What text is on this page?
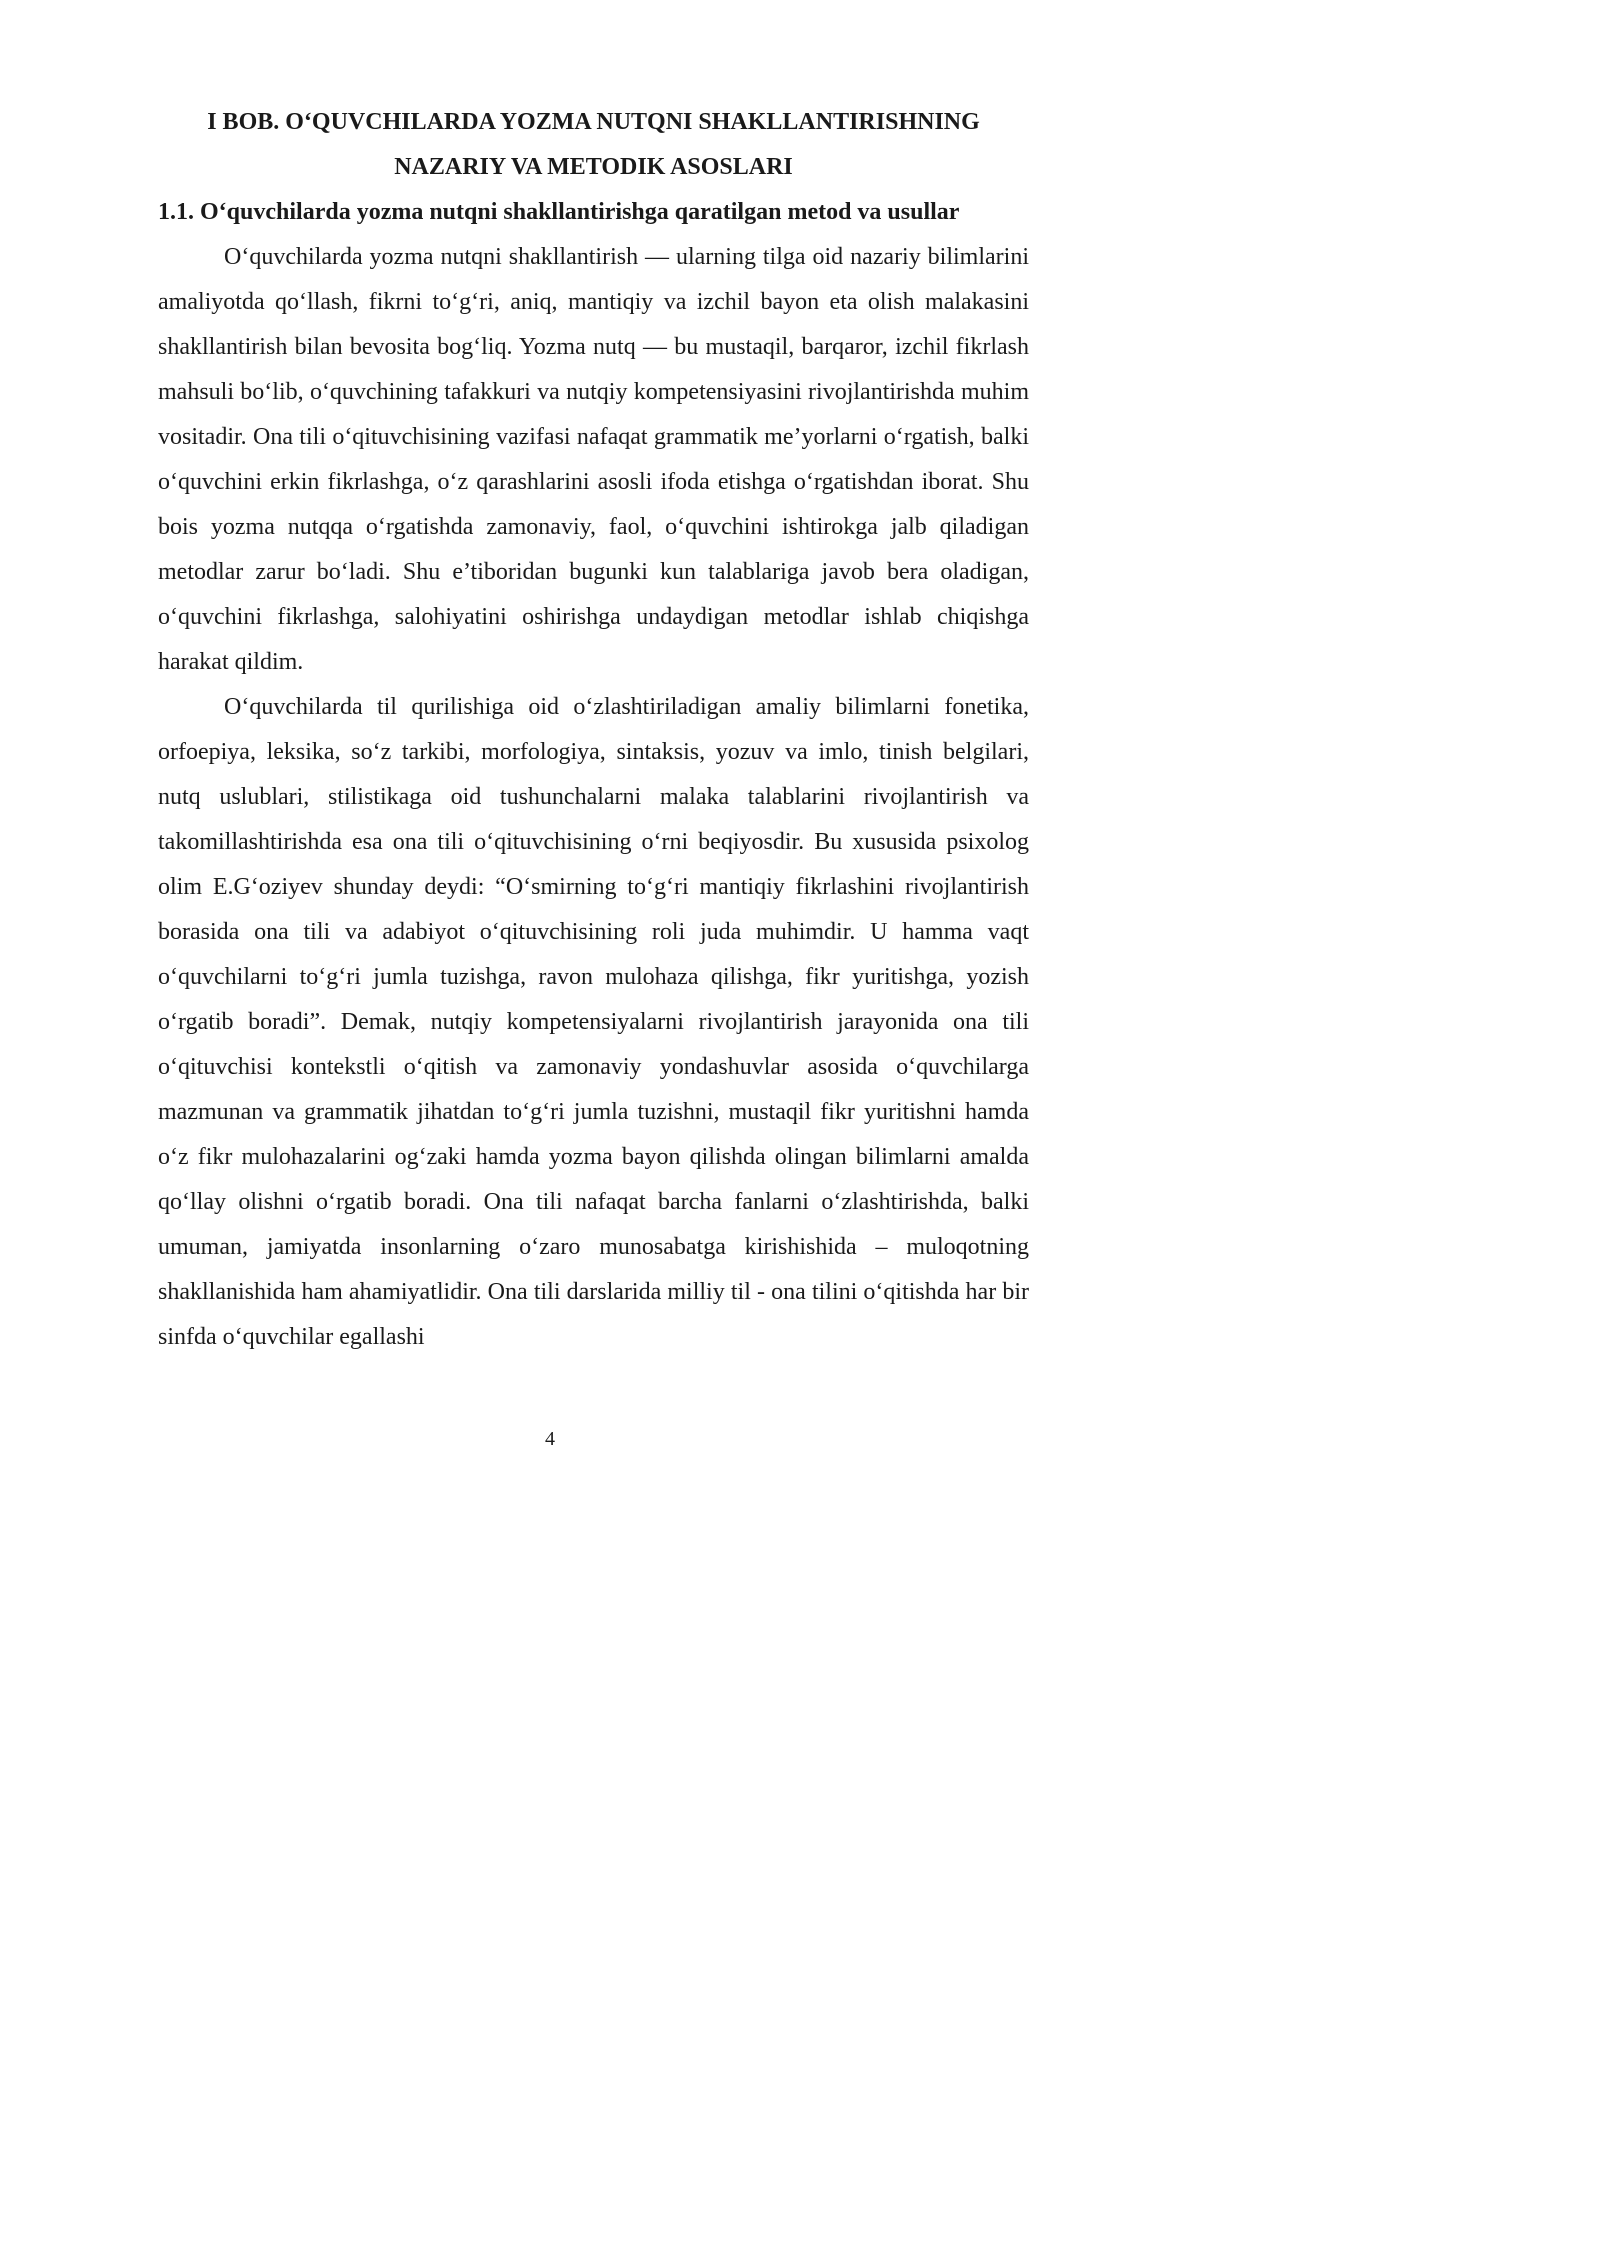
I BOB. O‘QUVCHILARDA YOZMA NUTQNI SHAKLLANTIRISHNING
NAZARIY VA METODIK ASOSLARI

1.1. O‘quvchilarda yozma nutqni shakllantirishga qaratilgan metod va usullar

O‘quvchilarda yozma nutqni shakllantirish — ularning tilga oid nazariy bilimlarini amaliyotda qo‘llash, fikrni to‘g‘ri, aniq, mantiqiy va izchil bayon eta olish malakasini shakllantirish bilan bevosita bog‘liq. Yozma nutq — bu mustaqil, barqaror, izchil fikrlash mahsuli bo‘lib, o‘quvchining tafakkuri va nutqiy kompetensiyasini rivojlantirishda muhim vositadir. Ona tili o‘qituvchisining vazifasi nafaqat grammatik me’yorlarni o‘rgatish, balki o‘quvchini erkin fikrlashga, o‘z qarashlarini asosli ifoda etishga o‘rgatishdan iborat. Shu bois yozma nutqqa o‘rgatishda zamonaviy, faol, o‘quvchini ishtirokga jalb qiladigan metodlar zarur bo‘ladi. Shu e’tiboridan bugunki kun talablariga javob bera oladigan, o‘quvchini fikrlashga, salohiyatini oshirishga undaydigan metodlar ishlab chiqishga harakat qildim.

O‘quvchilarda til qurilishiga oid o‘zlashtiriladigan amaliy bilimlarni fonetika, orfoepiya, leksika, so‘z tarkibi, morfologiya, sintaksis, yozuv va imlo, tinish belgilari, nutq uslublari, stilistikaga oid tushunchalarni malaka talablarini rivojlantirish va takomillashtirishda esa ona tili o‘qituvchisining o‘rni beqiyosdir. Bu xususida psixolog olim E.G‘oziyev shunday deydi: “O‘smirning to‘g‘ri mantiqiy fikrlashini rivojlantirish borasida ona tili va adabiyot o‘qituvchisining roli juda muhimdir. U hamma vaqt o‘quvchilarni to‘g‘ri jumla tuzishga, ravon mulohaza qilishga, fikr yuritishga, yozish o‘rgatib boradi”. Demak, nutqiy kompetensiyalarni rivojlantirish jarayonida ona tili o‘qituvchisi kontekstli o‘qitish va zamonaviy yondashuvlar asosida o‘quvchilarga mazmunan va grammatik jihatdan to‘g‘ri jumla tuzishni, mustaqil fikr yuritishni hamda o‘z fikr mulohazalarini og‘zaki hamda yozma bayon qilishda olingan bilimlarni amalda qo‘llay olishni o‘rgatib boradi. Ona tili nafaqat barcha fanlarni o‘zlashtirishda, balki umuman, jamiyatda insonlarning o‘zaro munosabatga kirishishida – muloqotning shakllanishida ham ahamiyatlidir. Ona tili darslarida milliy til - ona tilini o‘qitishda har bir sinfda o‘quvchilar egallashi

4
